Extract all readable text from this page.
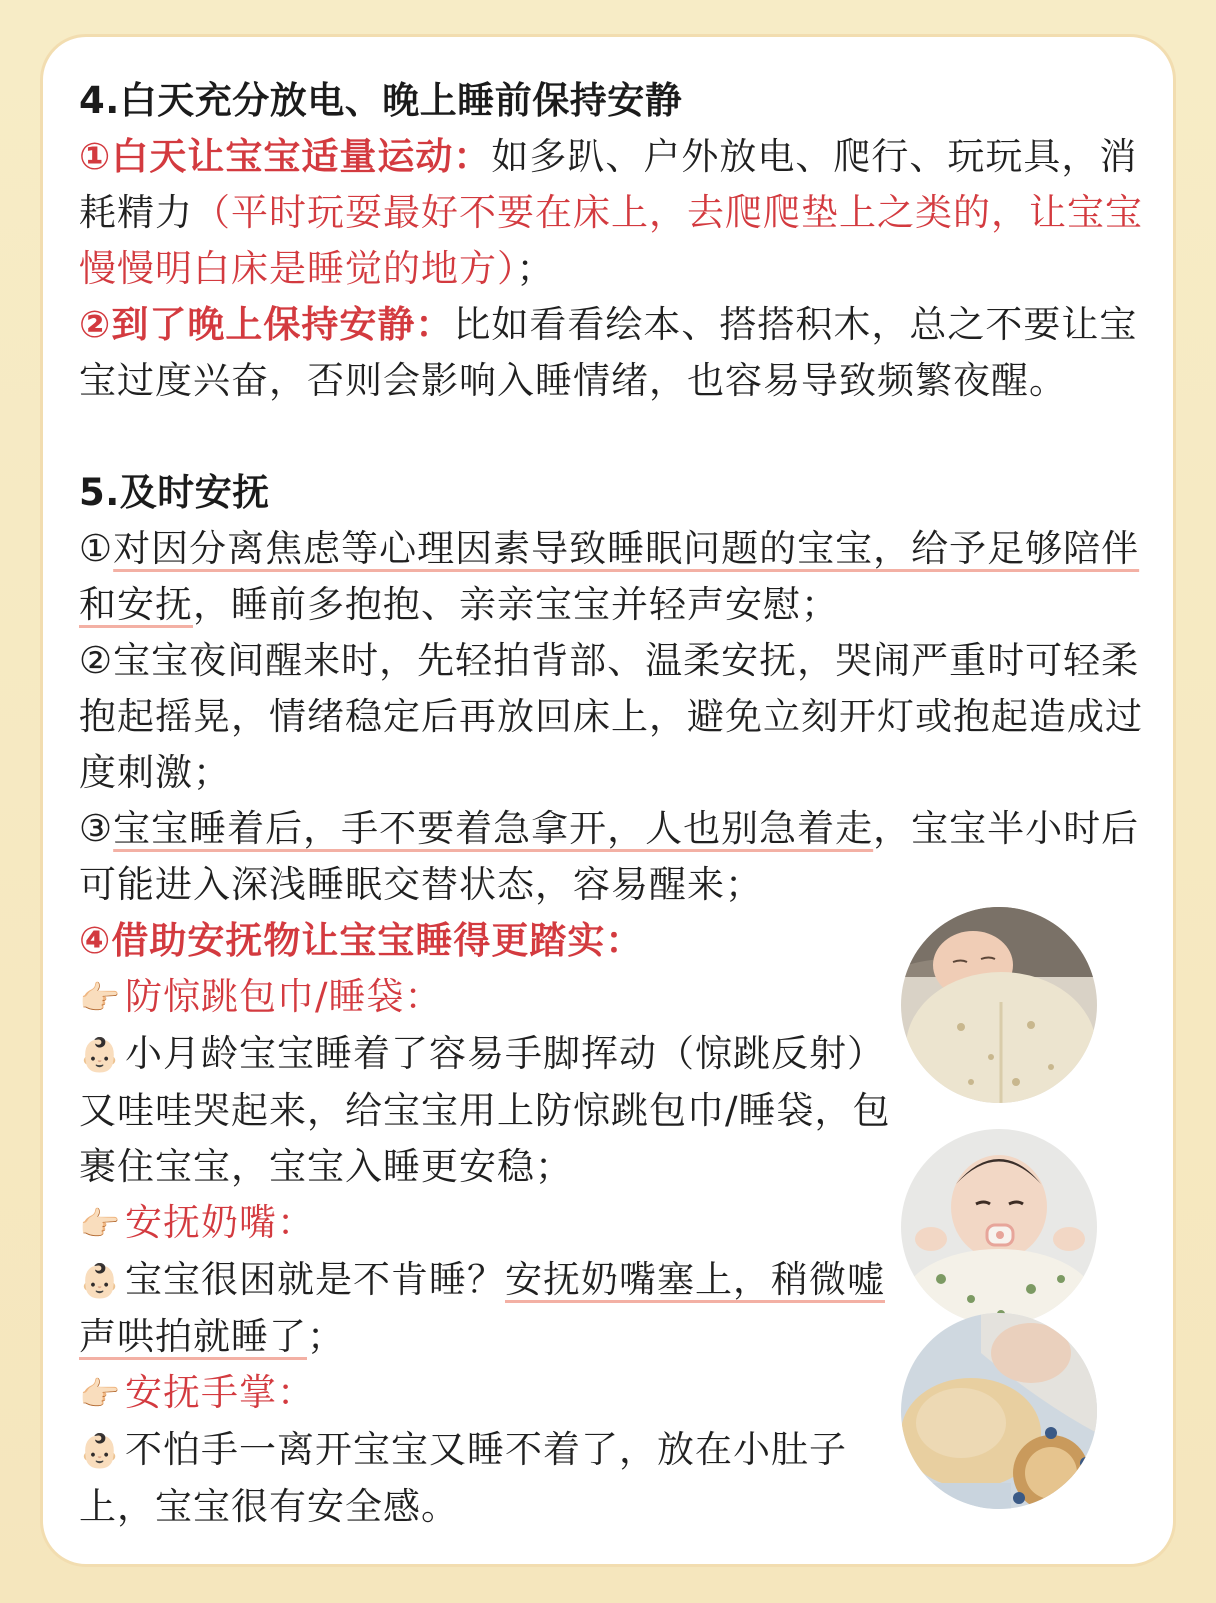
4.白天充分放电、晚上睡前保持安静

①白天让宝宝适量运动：如多趴、户外放电、爬行、玩玩具，消耗精力（平时玩耍最好不要在床上，去爬爬垫上之类的，让宝宝慢慢明白床是睡觉的地方）；

②到了晚上保持安静：比如看看绘本、搭搭积木，总之不要让宝宝过度兴奋，否则会影响入睡情绪，也容易导致频繁夜醒。

5.及时安抚

①对因分离焦虑等心理因素导致睡眠问题的宝宝，给予足够陪伴和安抚，睡前多抱抱、亲亲宝宝并轻声安慰；

②宝宝夜间醒来时，先轻拍背部、温柔安抚，哭闹严重时可轻柔抱起摇晃，情绪稳定后再放回床上，避免立刻开灯或抱起造成过度刺激；

③宝宝睡着后，手不要着急拿开，人也别急着走，宝宝半小时后可能进入深浅睡眠交替状态，容易醒来；

④借助安抚物让宝宝睡得更踏实：

👉🏻 防惊跳包巾/睡袋：

👶🏻 小月龄宝宝睡着了容易手脚挥动（惊跳反射）又哇哇哭起来，给宝宝用上防惊跳包巾/睡袋，包裹住宝宝，宝宝入睡更安稳；

👉🏻 安抚奶嘴：

👶🏻 宝宝很困就是不肯睡？安抚奶嘴塞上，稍微嘘声哄拍就睡了；

👉🏻 安抚手掌：

👶🏻 不怕手一离开宝宝又睡不着了，放在小肚子上，宝宝很有安全感。
